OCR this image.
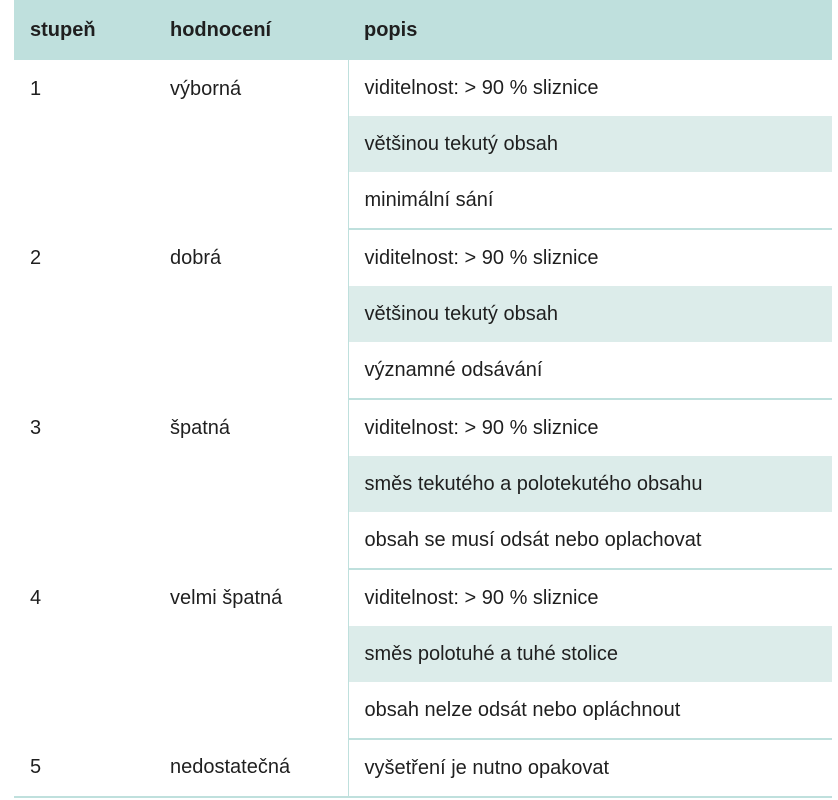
stupeň	hodnocení	popis
1	výborná	viditelnost: > 90 % sliznice
		většinou tekutý obsah
		minimální sání
2	dobrá	viditelnost: > 90 % sliznice
		většinou tekutý obsah
		významné odsávání
3	špatná	viditelnost: > 90 % sliznice
		směs tekutého a polotekutého obsahu
		obsah se musí odsát nebo oplachovat
4	velmi špatná	viditelnost: > 90 % sliznice
		směs polotuhé a tuhé stolice
		obsah nelze odsát nebo opláchnout
5	nedostatečná	vyšetření je nutno opakovat
